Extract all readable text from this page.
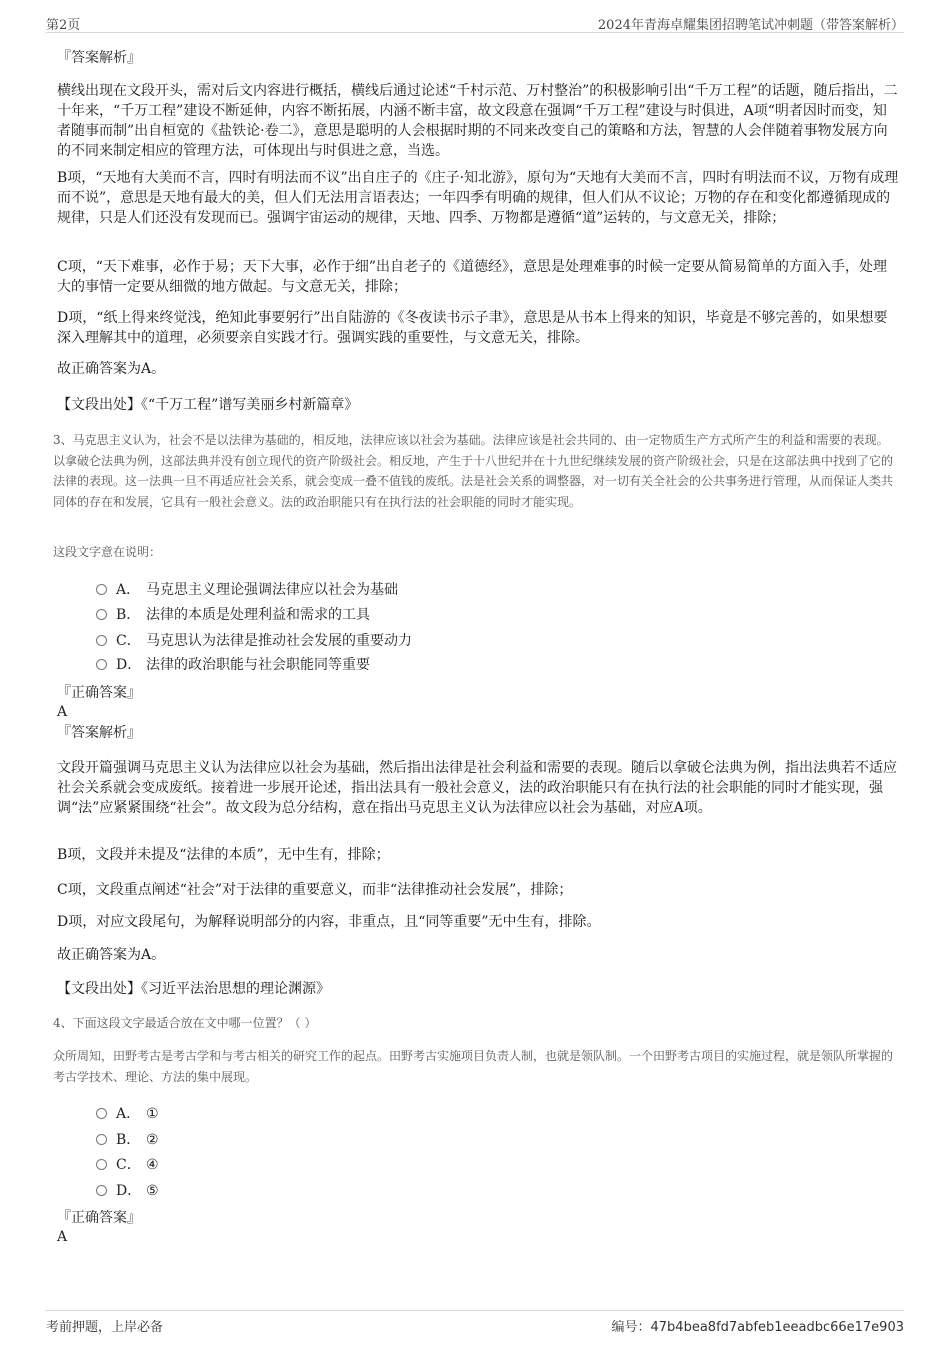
第2页	2024年青海卓耀集团招聘笔试冲刺题（带答案解析）

『答案解析』

横线出现在文段开头，需对后文内容进行概括，横线后通过论述“千村示范、万村整治”的积极影响引出“千万工程”的话题，随后指出，二十年来，“千万工程”建设不断延伸，内容不断拓展，内涵不断丰富，故文段意在强调“千万工程”建设与时俱进，A项“明者因时而变，知者随事而制”出自桓宽的《盐铁论·卷二》，意思是聪明的人会根据时期的不同来改变自己的策略和方法，智慧的人会伴随着事物发展方向的不同来制定相应的管理方法，可体现出与时俱进之意，当选。

B项，“天地有大美而不言，四时有明法而不议”出自庄子的《庄子·知北游》，原句为“天地有大美而不言，四时有明法而不议，万物有成理而不说”，意思是天地有最大的美，但人们无法用言语表达；一年四季有明确的规律，但人们从不议论；万物的存在和变化都遵循现成的规律，只是人们还没有发现而已。强调宇宙运动的规律，天地、四季、万物都是遵循“道”运转的，与文意无关，排除；

C项，“天下难事，必作于易；天下大事，必作于细”出自老子的《道德经》，意思是处理难事的时候一定要从简易简单的方面入手，处理大的事情一定要从细微的地方做起。与文意无关，排除；

D项，“纸上得来终觉浅，绝知此事要躬行”出自陆游的《冬夜读书示子聿》，意思是从书本上得来的知识，毕竟是不够完善的，如果想要深入理解其中的道理，必须要亲自实践才行。强调实践的重要性，与文意无关，排除。

故正确答案为A。

【文段出处】《“千万工程”谱写美丽乡村新篇章》

3、马克思主义认为，社会不是以法律为基础的，相反地，法律应该以社会为基础。法律应该是社会共同的、由一定物质生产方式所产生的利益和需要的表现。以拿破仑法典为例，这部法典并没有创立现代的资产阶级社会。相反地，产生于十八世纪并在十九世纪继续发展的资产阶级社会，只是在这部法典中找到了它的法律的表现。这一法典一旦不再适应社会关系，就会变成一叠不值钱的废纸。法是社会关系的调整器，对一切有关全社会的公共事务进行管理，从而保证人类共同体的存在和发展，它具有一般社会意义。法的政治职能只有在执行法的社会职能的同时才能实现。

这段文字意在说明：

A． 马克思主义理论强调法律应以社会为基础
B． 法律的本质是处理利益和需求的工具
C． 马克思认为法律是推动社会发展的重要动力
D． 法律的政治职能与社会职能同等重要

『正确答案』

A

『答案解析』

文段开篇强调马克思主义认为法律应以社会为基础，然后指出法律是社会利益和需要的表现。随后以拿破仑法典为例，指出法典若不适应社会关系就会变成废纸。接着进一步展开论述，指出法具有一般社会意义，法的政治职能只有在执行法的社会职能的同时才能实现，强调“法”应紧紧围绕“社会”。故文段为总分结构，意在指出马克思主义认为法律应以社会为基础，对应A项。

B项，文段并未提及“法律的本质”，无中生有，排除；

C项，文段重点阐述“社会”对于法律的重要意义，而非“法律推动社会发展”，排除；

D项，对应文段尾句，为解释说明部分的内容，非重点，且“同等重要”无中生有，排除。

故正确答案为A。

【文段出处】《习近平法治思想的理论渊源》

4、下面这段文字最适合放在文中哪一位置？（ ）

众所周知，田野考古是考古学和与考古相关的研究工作的起点。田野考古实施项目负责人制，也就是领队制。一个田野考古项目的实施过程，就是领队所掌握的考古学技术、理论、方法的集中展现。

A． ①
B． ②
C． ④
D． ⑤

『正确答案』

A

考前押题，上岸必备	编号：47b4bea8fd7abfeb1eeadbc66e17e903
